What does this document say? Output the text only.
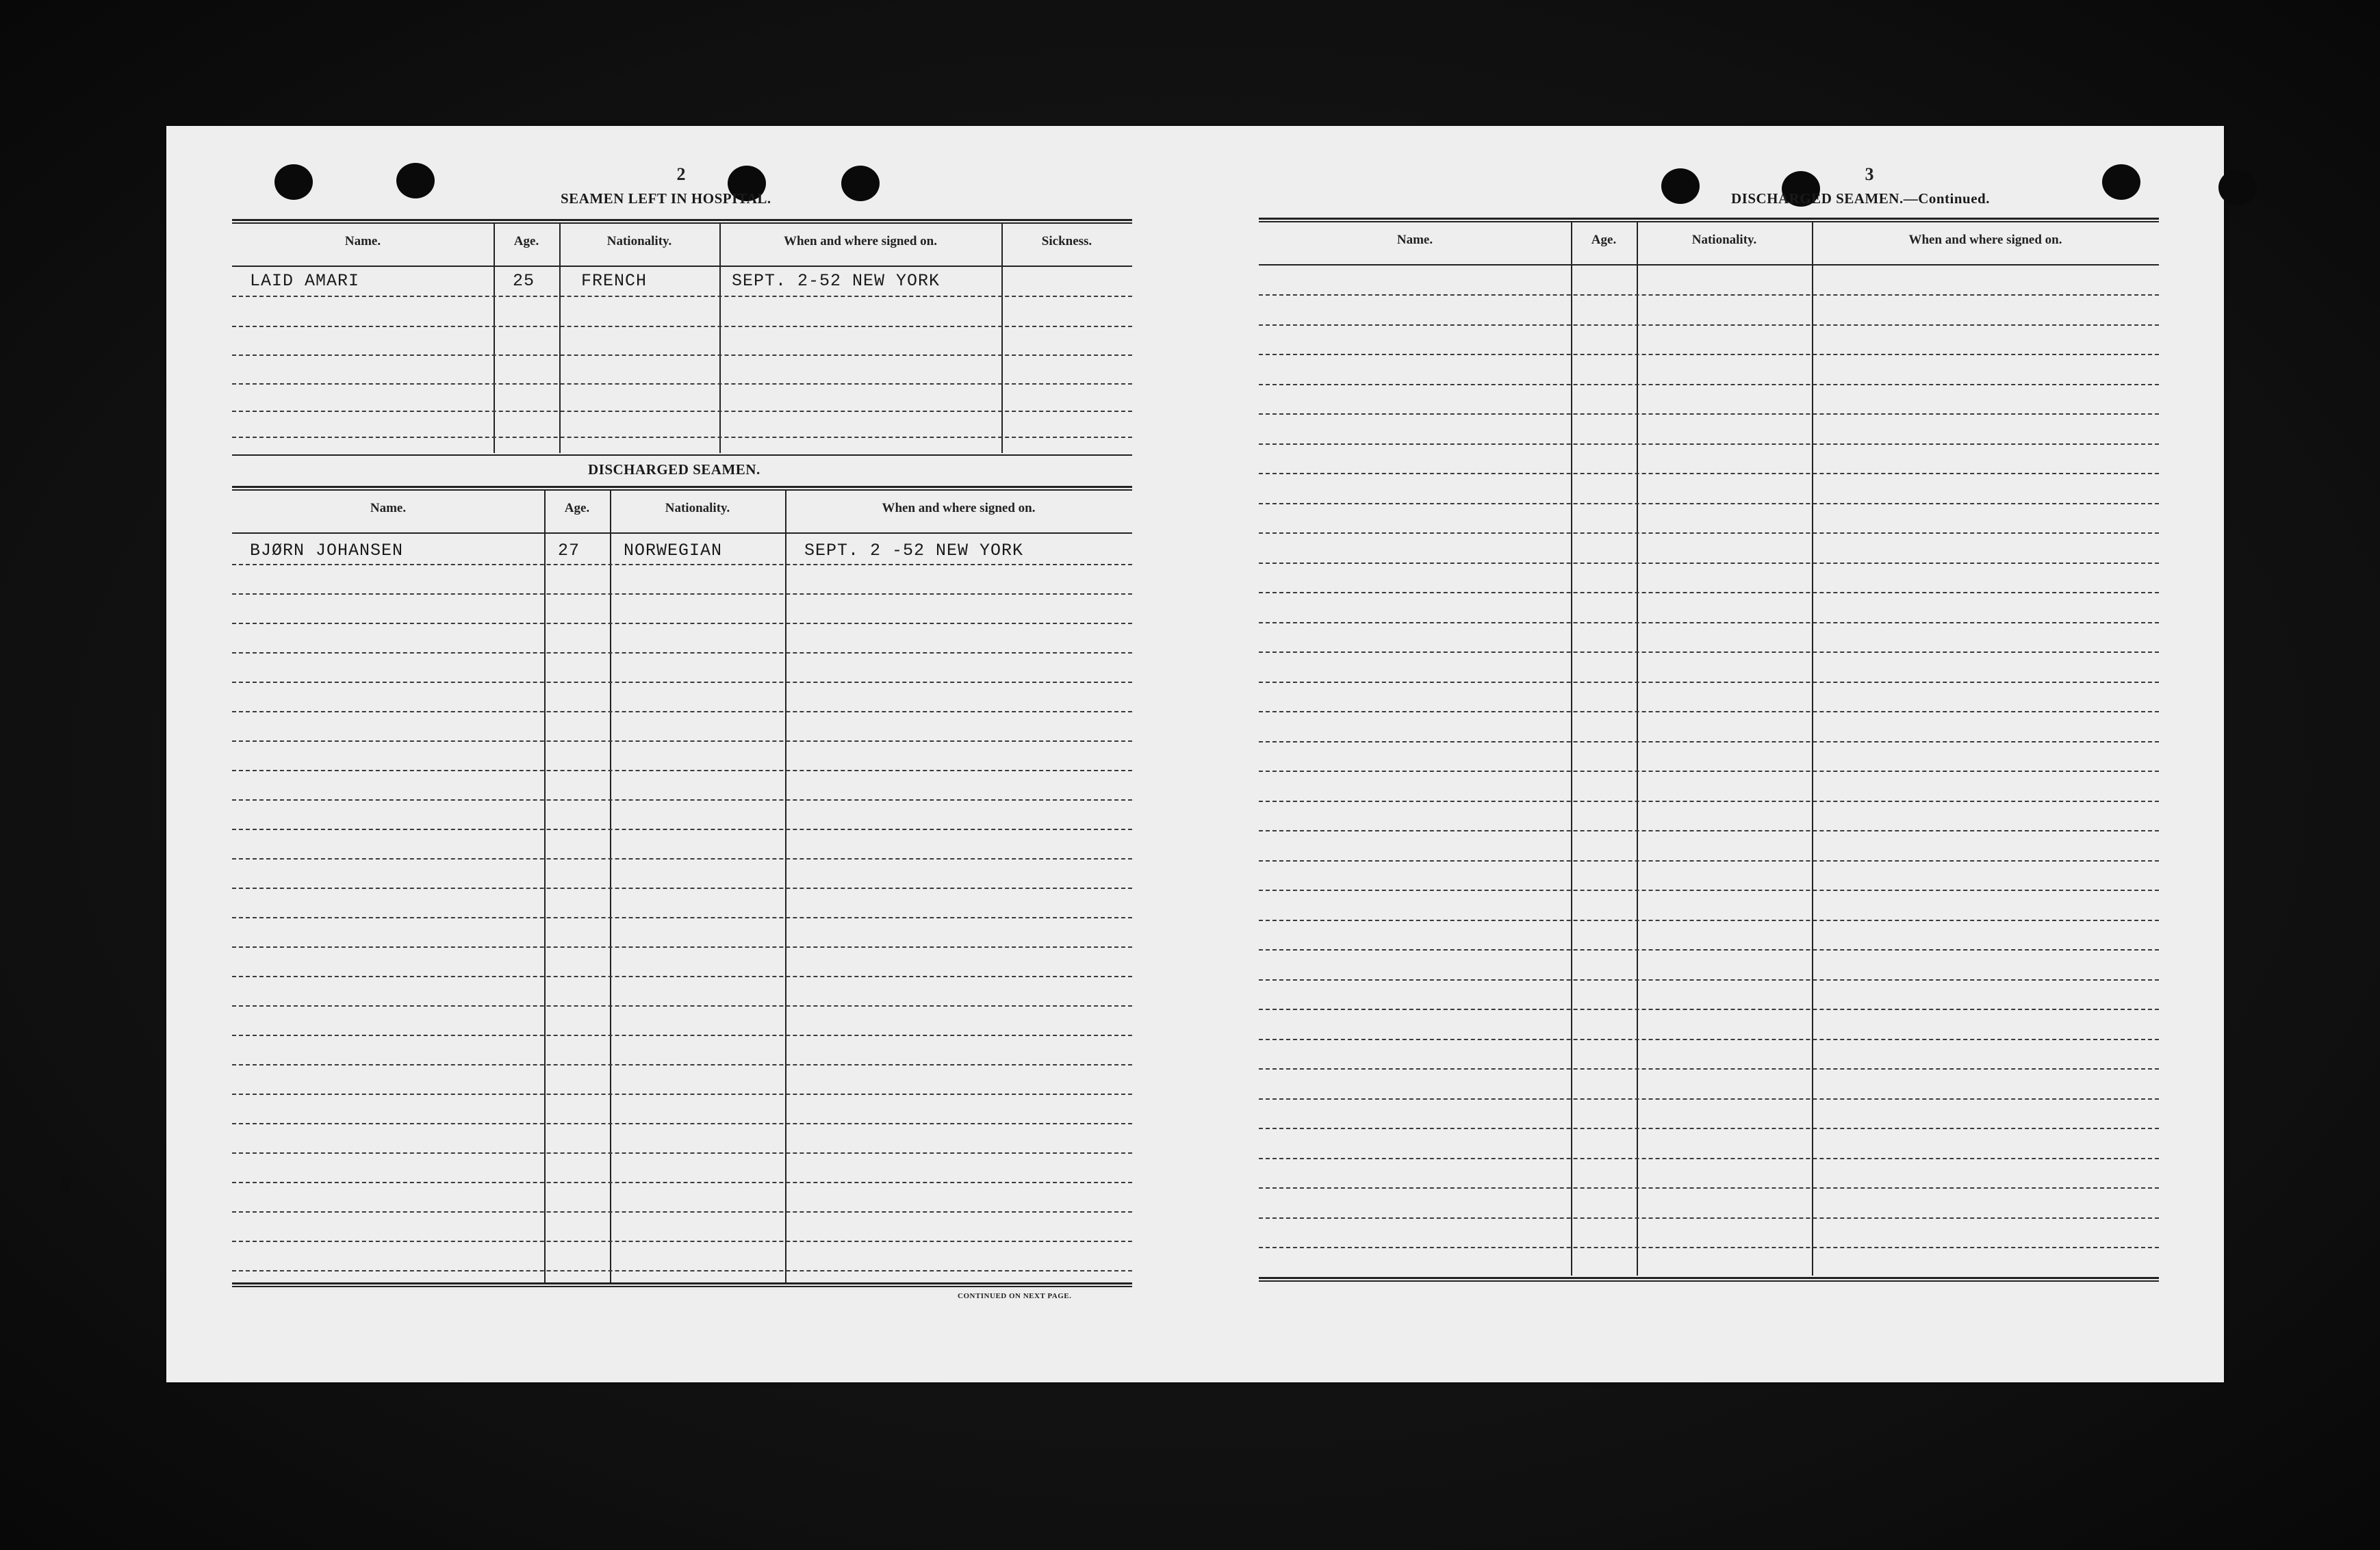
2
SEAMEN LEFT IN HOSPITAL.
Name.	Age.	Nationality.	When and where signed on.	Sickness.
LAID AMARI	25	FRENCH	SEPT. 2-52 NEW YORK
DISCHARGED SEAMEN.
Name.	Age.	Nationality.	When and where signed on.
BJØRN JOHANSEN	27	NORWEGIAN	SEPT. 2 -52 NEW YORK
CONTINUED ON NEXT PAGE.
3
DISCHARGED SEAMEN.—Continued.
Name.	Age.	Nationality.	When and where signed on.
